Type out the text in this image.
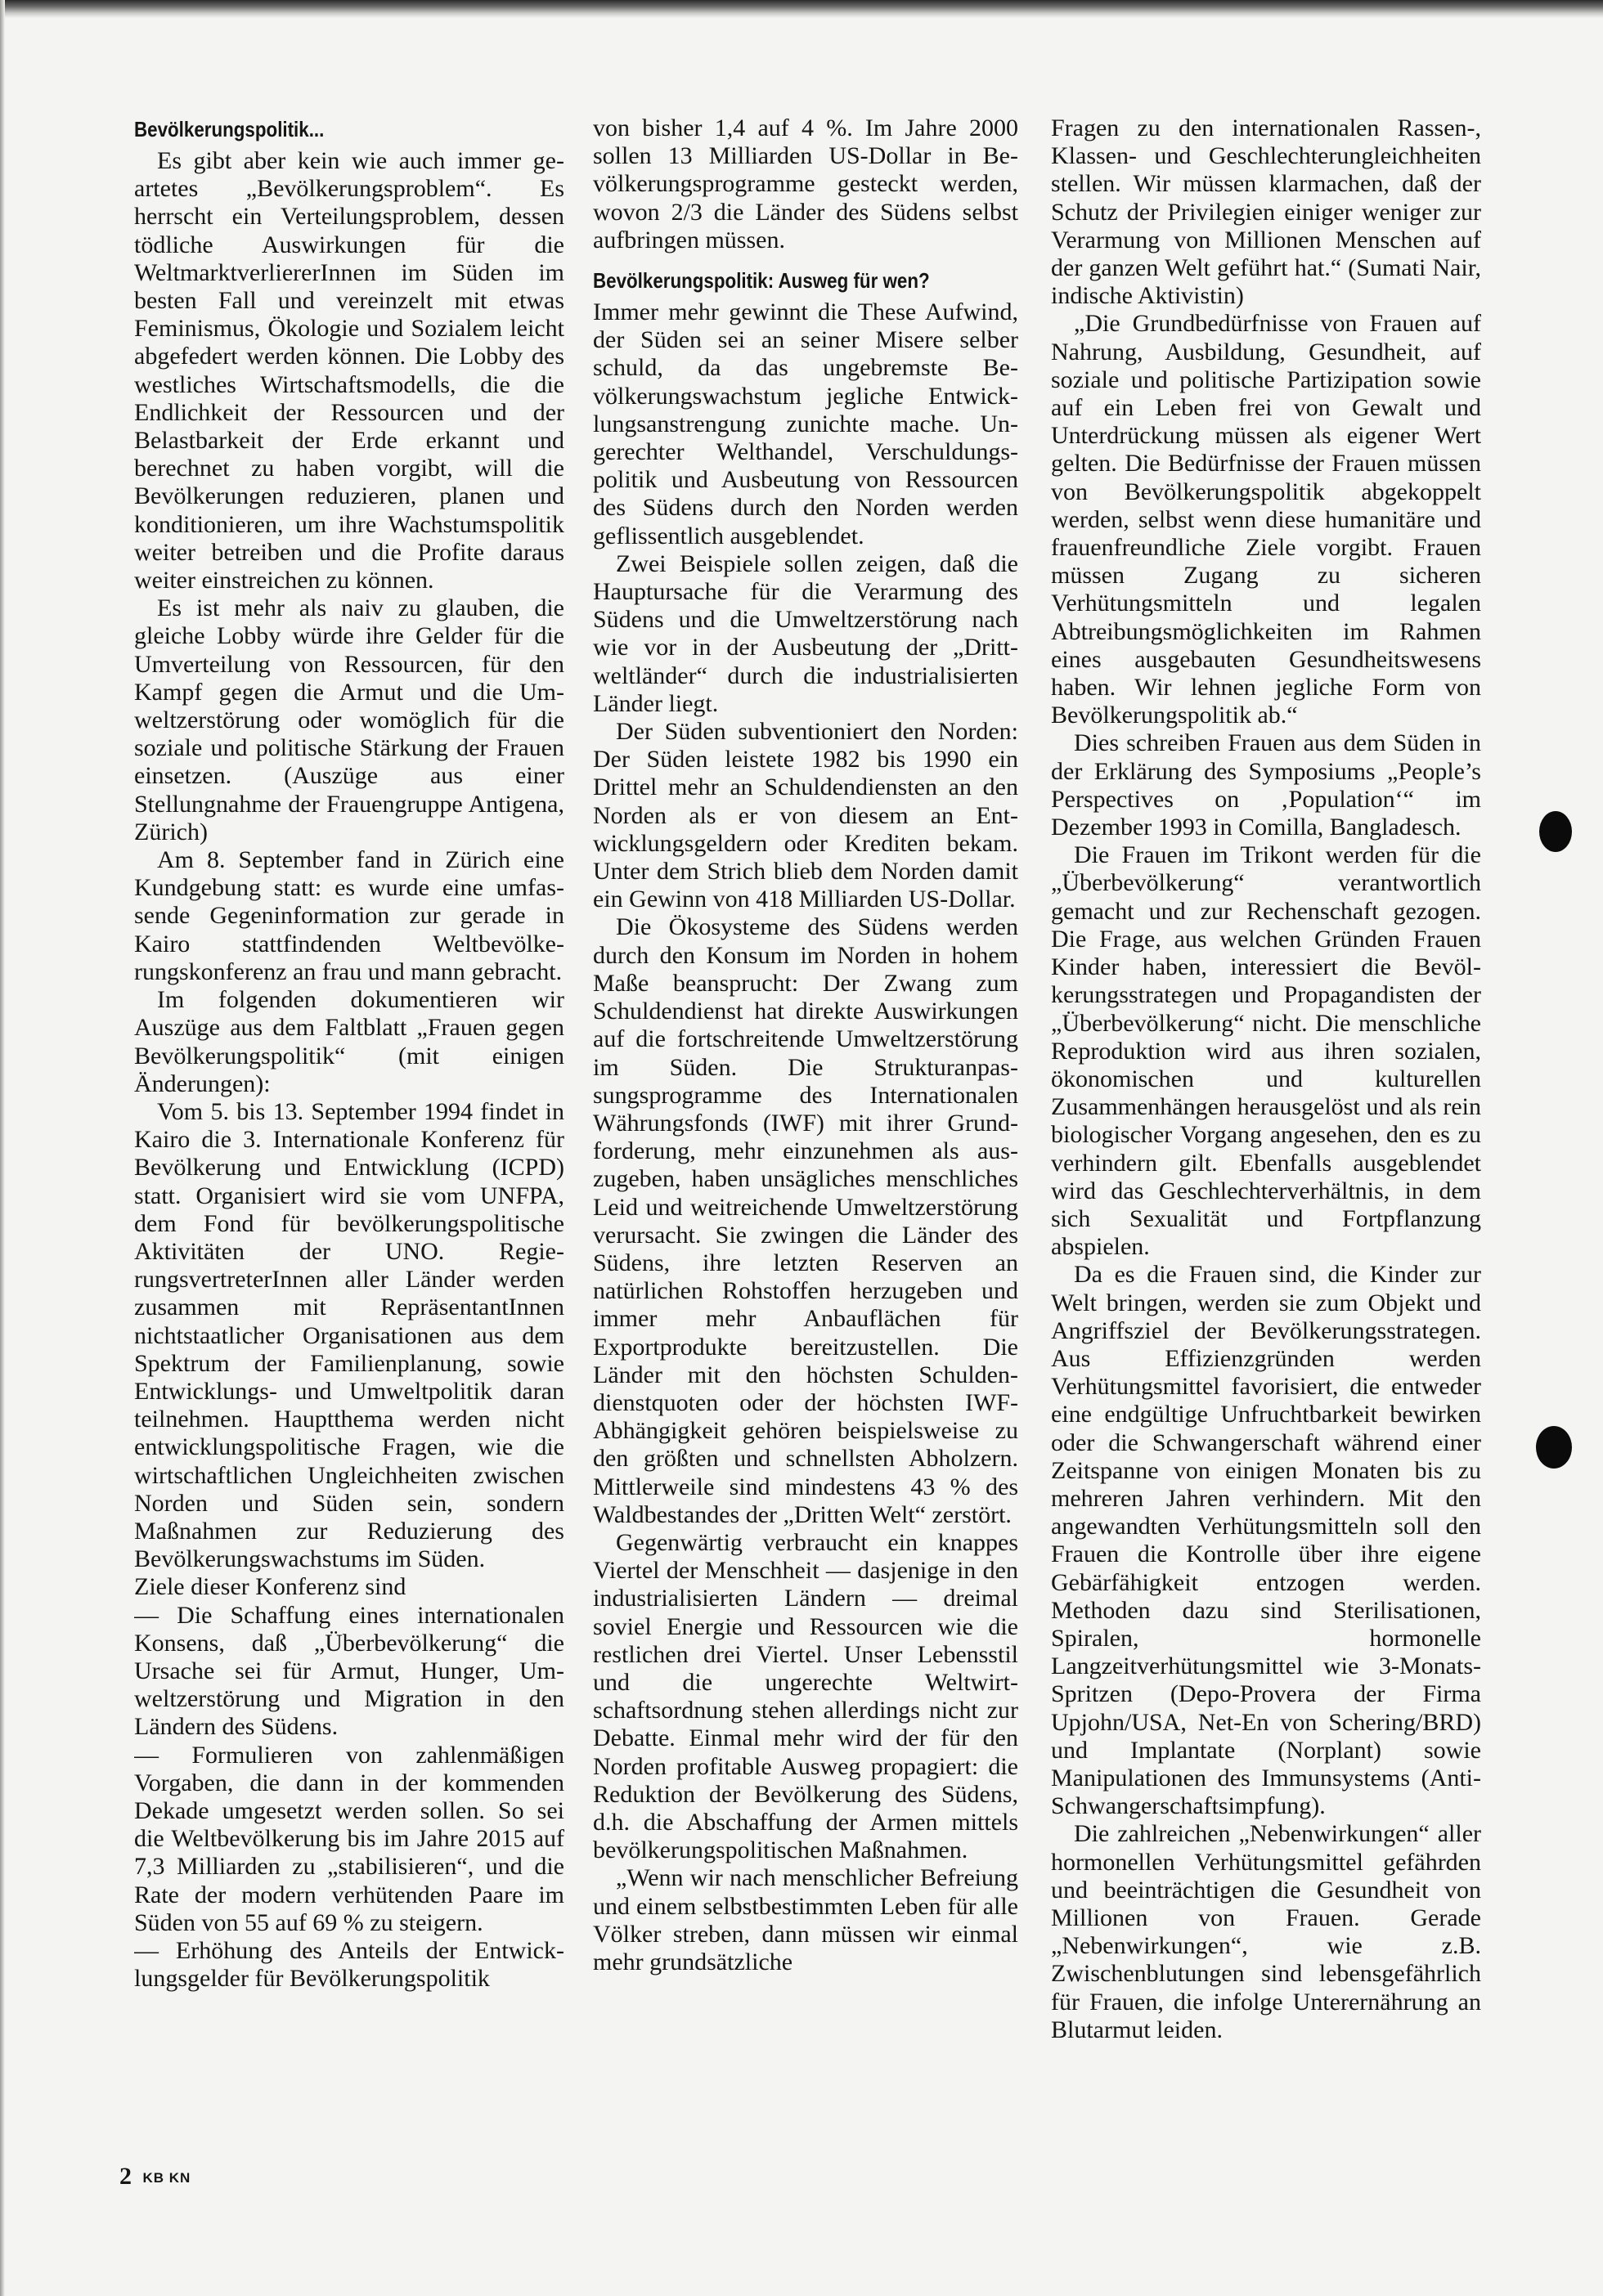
Bevölkerungspolitik...
Es gibt aber kein wie auch immer geartetes „Bevölkerungsproblem“. Es herrscht ein Verteilungsproblem, dessen tödliche Auswirkungen für die WeltmarktverliererInnen im Süden im besten Fall und vereinzelt mit etwas Feminismus, Ökologie und Sozialem leicht abgefedert werden können. Die Lobby des westliches Wirtschaftsmodells, die die Endlichkeit der Ressourcen und der Belastbarkeit der Erde erkannt und berechnet zu haben vorgibt, will die Bevölkerungen reduzieren, planen und konditionieren, um ihre Wachstumspolitik weiter betreiben und die Profite daraus weiter einstreichen zu können.
Es ist mehr als naiv zu glauben, die gleiche Lobby würde ihre Gelder für die Umverteilung von Ressourcen, für den Kampf gegen die Armut und die Umweltzerstörung oder womöglich für die soziale und politische Stärkung der Frauen einsetzen. (Auszüge aus einer Stellungnahme der Frauengruppe Antigena, Zürich)
Am 8. September fand in Zürich eine Kundgebung statt: es wurde eine umfassende Gegeninformation zur gerade in Kairo stattfindenden Weltbevölkerungskonferenz an frau und mann gebracht.
Im folgenden dokumentieren wir Auszüge aus dem Faltblatt „Frauen gegen Bevölkerungspolitik“ (mit einigen Änderungen):
Vom 5. bis 13. September 1994 findet in Kairo die 3. Internationale Konferenz für Bevölkerung und Entwicklung (ICPD) statt. Organisiert wird sie vom UNFPA, dem Fond für bevölkerungspolitische Aktivitäten der UNO. RegierungsvertreterInnen aller Länder werden zusammen mit RepräsentantInnen nichtstaatlicher Organisationen aus dem Spektrum der Familienplanung, sowie Entwicklungs- und Umweltpolitik daran teilnehmen. Hauptthema werden nicht entwicklungspolitische Fragen, wie die wirtschaftlichen Ungleichheiten zwischen Norden und Süden sein, sondern Maßnahmen zur Reduzierung des Bevölkerungswachstums im Süden.
Ziele dieser Konferenz sind
— Die Schaffung eines internationalen Konsens, daß „Überbevölkerung“ die Ursache sei für Armut, Hunger, Umweltzerstörung und Migration in den Ländern des Südens.
— Formulieren von zahlenmäßigen Vorgaben, die dann in der kommenden Dekade umgesetzt werden sollen. So sei die Weltbevölkerung bis im Jahre 2015 auf 7,3 Milliarden zu „stabilisieren“, und die Rate der modern verhütenden Paare im Süden von 55 auf 69 % zu steigern.
— Erhöhung des Anteils der Entwicklungsgelder für Bevölkerungspolitik
von bisher 1,4 auf 4 %. Im Jahre 2000 sollen 13 Milliarden US-Dollar in Bevölkerungsprogramme gesteckt werden, wovon 2/3 die Länder des Südens selbst aufbringen müssen.
Bevölkerungspolitik: Ausweg für wen?
Immer mehr gewinnt die These Aufwind, der Süden sei an seiner Misere selber schuld, da das ungebremste Bevölkerungswachstum jegliche Entwicklungsanstrengung zunichte mache. Ungerechter Welthandel, Verschuldungspolitik und Ausbeutung von Ressourcen des Südens durch den Norden werden geflissentlich ausgeblendet.
Zwei Beispiele sollen zeigen, daß die Hauptursache für die Verarmung des Südens und die Umweltzerstörung nach wie vor in der Ausbeutung der „Drittweltländer“ durch die industrialisierten Länder liegt.
Der Süden subventioniert den Norden: Der Süden leistete 1982 bis 1990 ein Drittel mehr an Schuldendiensten an den Norden als er von diesem an Entwicklungsgeldern oder Krediten bekam. Unter dem Strich blieb dem Norden damit ein Gewinn von 418 Milliarden US-Dollar.
Die Ökosysteme des Südens werden durch den Konsum im Norden in hohem Maße beansprucht: Der Zwang zum Schuldendienst hat direkte Auswirkungen auf die fortschreitende Umweltzerstörung im Süden. Die Strukturanpassungsprogramme des Internationalen Währungsfonds (IWF) mit ihrer Grundforderung, mehr einzunehmen als auszugeben, haben unsägliches menschliches Leid und weitreichende Umweltzerstörung verursacht. Sie zwingen die Länder des Südens, ihre letzten Reserven an natürlichen Rohstoffen herzugeben und immer mehr Anbauflächen für Exportprodukte bereitzustellen. Die Länder mit den höchsten Schuldendienstquoten oder der höchsten IWF-Abhängigkeit gehören beispielsweise zu den größten und schnellsten Abholzern. Mittlerweile sind mindestens 43 % des Waldbestandes der „Dritten Welt“ zerstört.
Gegenwärtig verbraucht ein knappes Viertel der Menschheit — dasjenige in den industrialisierten Ländern — dreimal soviel Energie und Ressourcen wie die restlichen drei Viertel. Unser Lebensstil und die ungerechte Weltwirtschaftsordnung stehen allerdings nicht zur Debatte. Einmal mehr wird der für den Norden profitable Ausweg propagiert: die Reduktion der Bevölkerung des Südens, d.h. die Abschaffung der Armen mittels bevölkerungspolitischen Maßnahmen.
„Wenn wir nach menschlicher Befreiung und einem selbstbestimmten Leben für alle Völker streben, dann müssen wir einmal mehr grundsätzliche
Fragen zu den internationalen Rassen-, Klassen- und Geschlechterungleichheiten stellen. Wir müssen klarmachen, daß der Schutz der Privilegien einiger weniger zur Verarmung von Millionen Menschen auf der ganzen Welt geführt hat.“ (Sumati Nair, indische Aktivistin)
„Die Grundbedürfnisse von Frauen auf Nahrung, Ausbildung, Gesundheit, auf soziale und politische Partizipation sowie auf ein Leben frei von Gewalt und Unterdrückung müssen als eigener Wert gelten. Die Bedürfnisse der Frauen müssen von Bevölkerungspolitik abgekoppelt werden, selbst wenn diese humanitäre und frauenfreundliche Ziele vorgibt. Frauen müssen Zugang zu sicheren Verhütungsmitteln und legalen Abtreibungsmöglichkeiten im Rahmen eines ausgebauten Gesundheitswesens haben. Wir lehnen jegliche Form von Bevölkerungspolitik ab.“
Dies schreiben Frauen aus dem Süden in der Erklärung des Symposiums „People’s Perspectives on ‚Population‘“ im Dezember 1993 in Comilla, Bangladesch.
Die Frauen im Trikont werden für die „Überbevölkerung“ verantwortlich gemacht und zur Rechenschaft gezogen. Die Frage, aus welchen Gründen Frauen Kinder haben, interessiert die Bevölkerungsstrategen und Propagandisten der „Überbevölkerung“ nicht. Die menschliche Reproduktion wird aus ihren sozialen, ökonomischen und kulturellen Zusammenhängen herausgelöst und als rein biologischer Vorgang angesehen, den es zu verhindern gilt. Ebenfalls ausgeblendet wird das Geschlechterverhältnis, in dem sich Sexualität und Fortpflanzung abspielen.
Da es die Frauen sind, die Kinder zur Welt bringen, werden sie zum Objekt und Angriffsziel der Bevölkerungsstrategen. Aus Effizienzgründen werden Verhütungsmittel favorisiert, die entweder eine endgültige Unfruchtbarkeit bewirken oder die Schwangerschaft während einer Zeitspanne von einigen Monaten bis zu mehreren Jahren verhindern. Mit den angewandten Verhütungsmitteln soll den Frauen die Kontrolle über ihre eigene Gebärfähigkeit entzogen werden. Methoden dazu sind Sterilisationen, Spiralen, hormonelle Langzeitverhütungsmittel wie 3-Monats-Spritzen (Depo-Provera der Firma Upjohn/USA, Net-En von Schering/BRD) und Implantate (Norplant) sowie Manipulationen des Immunsystems (Anti-Schwangerschaftsimpfung).
Die zahlreichen „Nebenwirkungen“ aller hormonellen Verhütungsmittel gefährden und beeinträchtigen die Gesundheit von Millionen von Frauen. Gerade „Nebenwirkungen“, wie z.B. Zwischenblutungen sind lebensgefährlich für Frauen, die infolge Unterernährung an Blutarmut leiden.
2 KB KN
